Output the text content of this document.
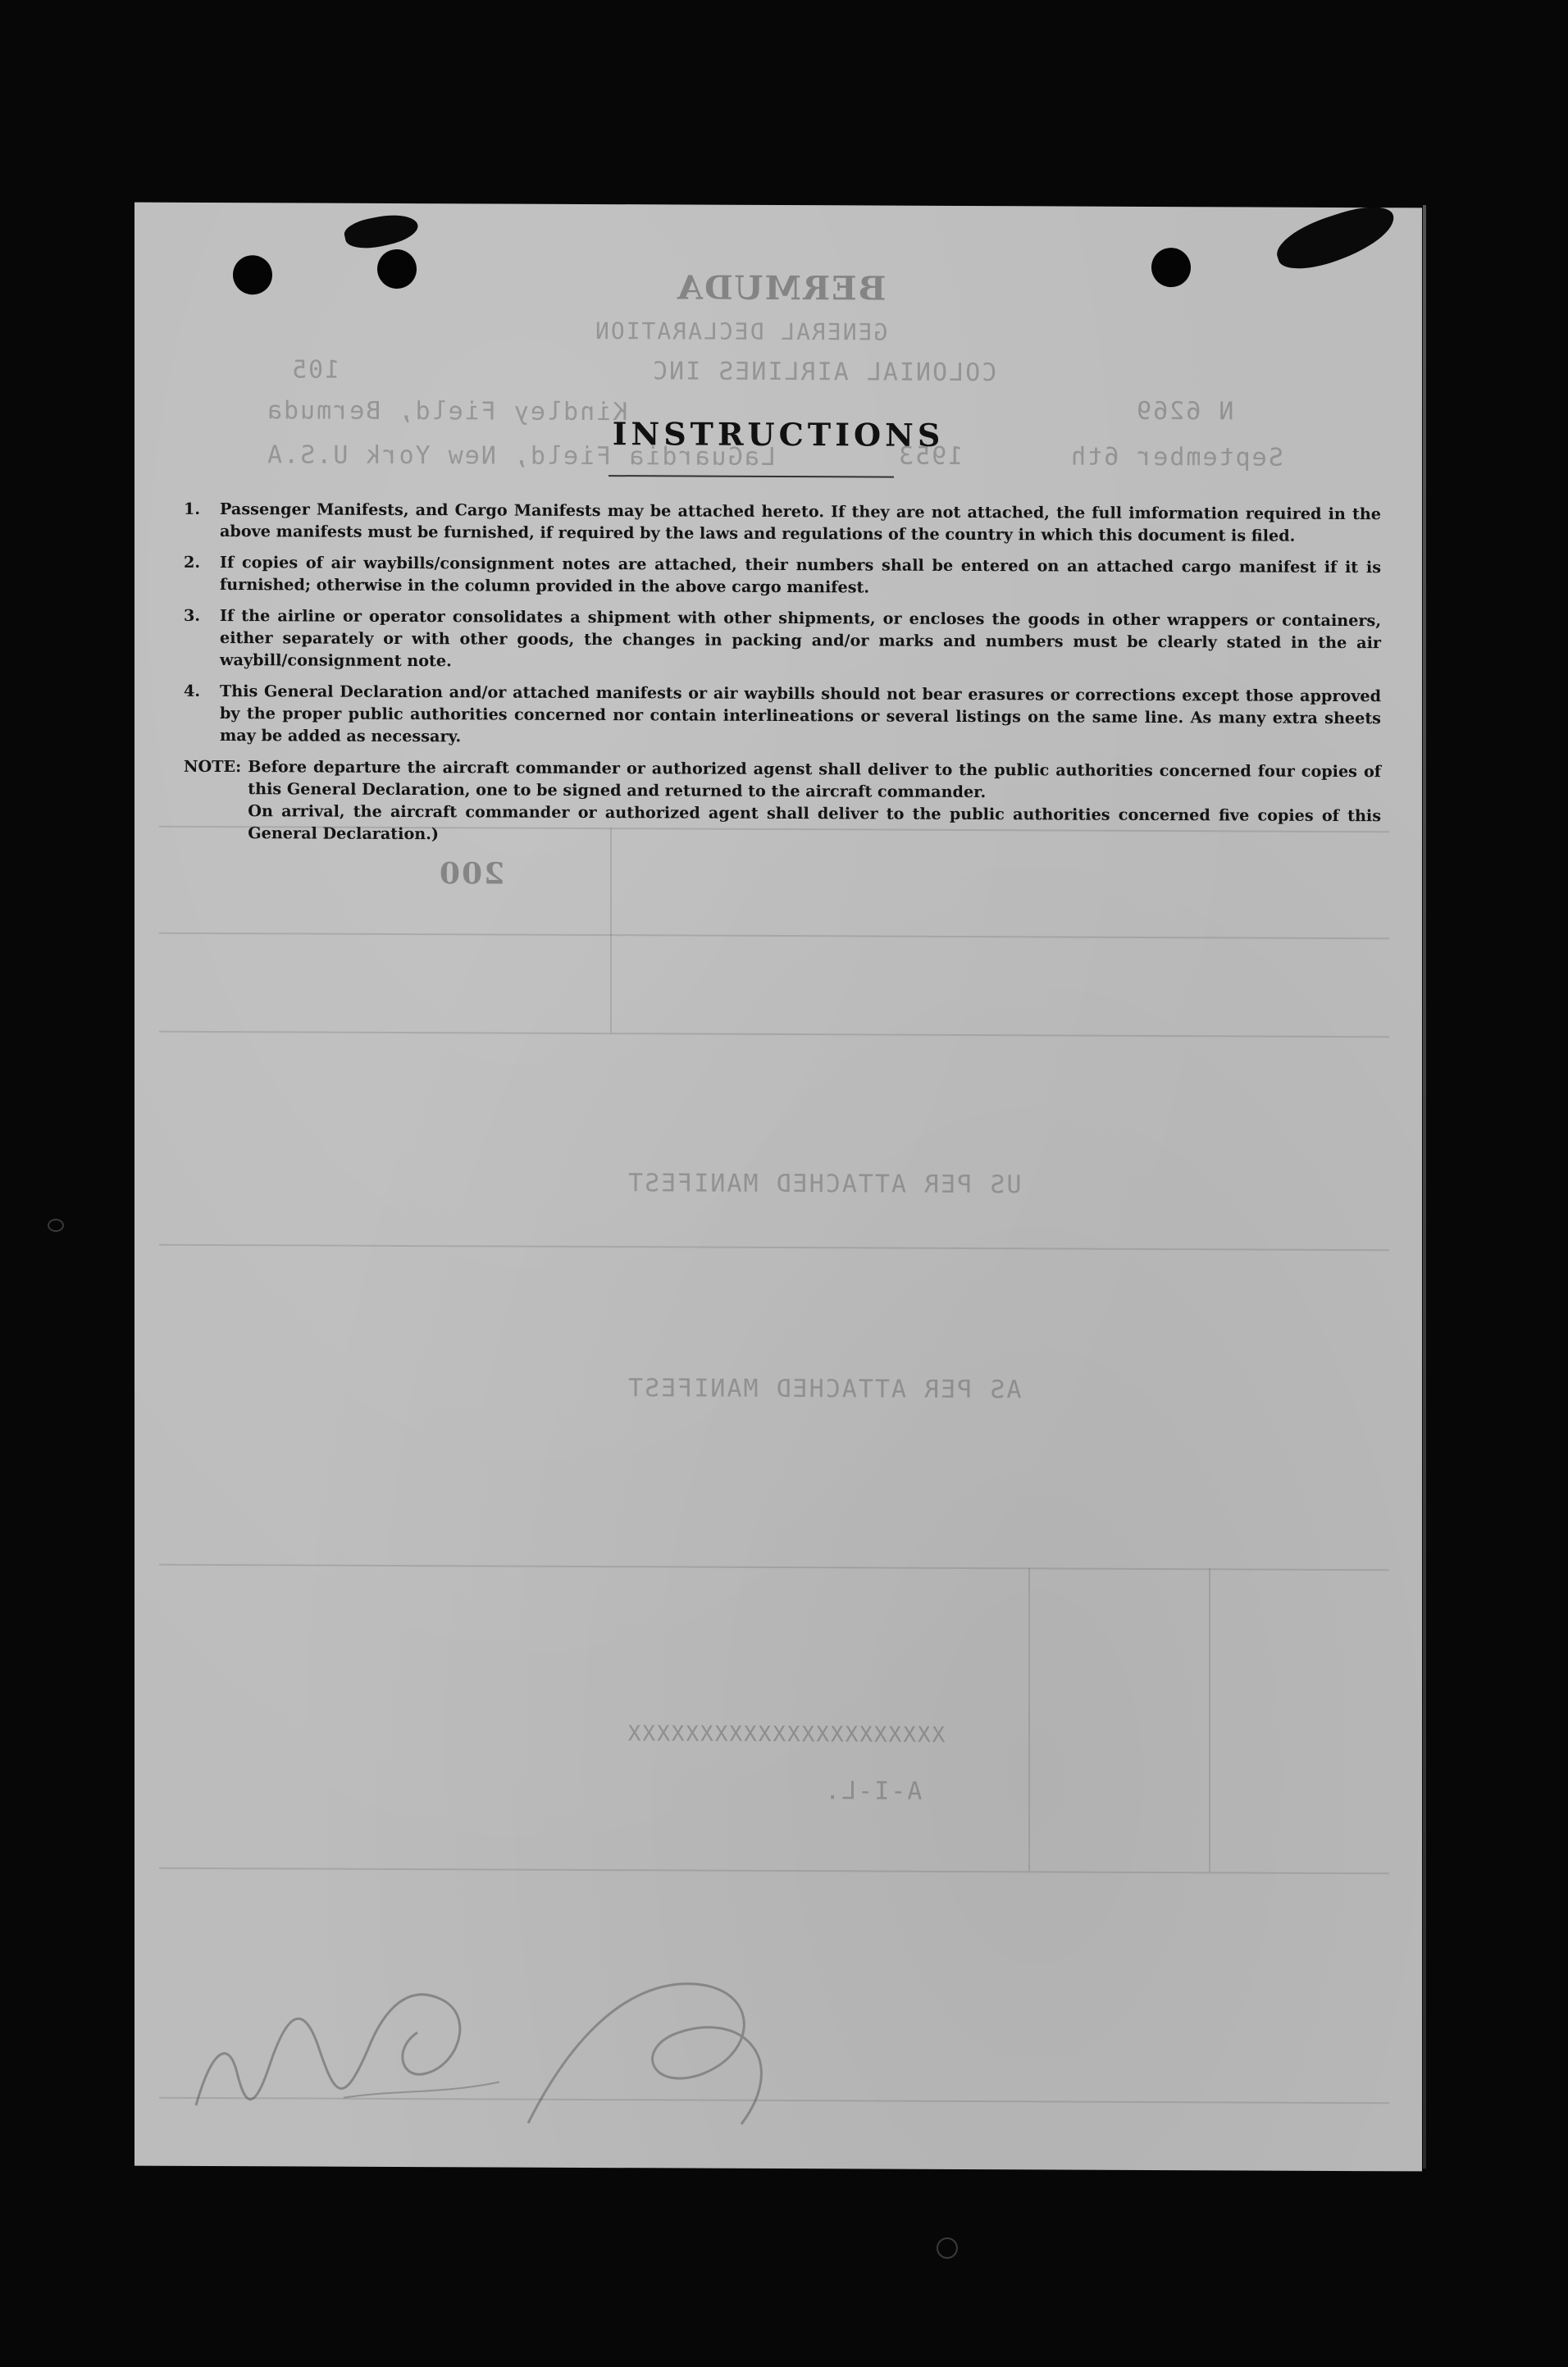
BERMUDA
GENERAL DECLARATION
COLONIAL AIRLINES INC
105
Kindley Field, Bermuda	N 6269
September 6th
1953
LaGuardia Field, New York U.S.A
200
US PER ATTACHED MANIFEST
AS PER ATTACHED MANIFEST
XXXXXXXXXXXXXXXXXXXXXX
A-I-L.
INSTRUCTIONS
1.	Passenger Manifests, and Cargo Manifests may be attached hereto. If they are not attached, the full imformation required in the above manifests must be furnished, if required by the laws and regulations of the country in which this document is filed.
2.	If copies of air waybills/consignment notes are attached, their numbers shall be entered on an attached cargo manifest if it is furnished; otherwise in the column provided in the above cargo manifest.
3.	If the airline or operator consolidates a shipment with other shipments, or encloses the goods in other wrappers or containers, either separately or with other goods, the changes in packing and/or marks and numbers must be clearly stated in the air waybill/consignment note.
4.	This General Declaration and/or attached manifests or air waybills should not bear erasures or corrections except those approved by the proper public authorities concerned nor contain interlineations or several listings on the same line. As many extra sheets may be added as necessary.
NOTE: Before departure the aircraft commander or authorized agenst shall deliver to the public authorities concerned four copies of this General Declaration, one to be signed and returned to the aircraft commander.

On arrival, the aircraft commander or authorized agent shall deliver to the public authorities concerned five copies of this General Declaration.)
